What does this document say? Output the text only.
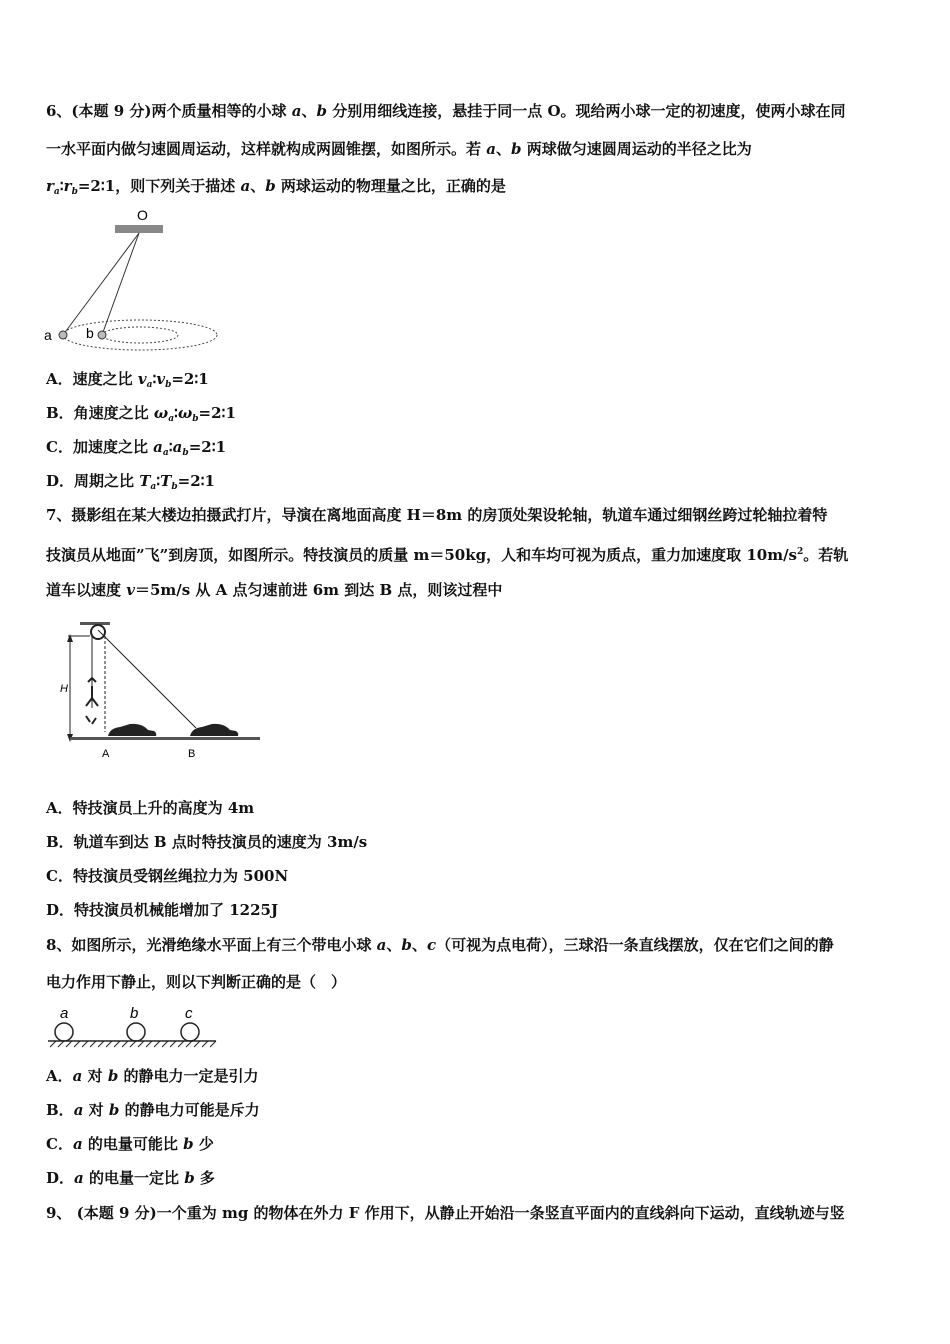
6、(本题 9 分)两个质量相等的小球 a、b 分别用细线连接，悬挂于同一点 O。现给两小球一定的初速度，使两小球在同
一水平面内做匀速圆周运动，这样就构成两圆锥摆，如图所示。若 a、b 两球做匀速圆周运动的半径之比为
$r_a∶r_b=2∶1$，则下列关于描述 a、b 两球运动的物理量之比，正确的是
O
a b
A．速度之比 $v_a∶v_b=2∶1$
B．角速度之比 $\omega_a∶\omega_b=2∶1$
C．加速度之比 $a_a∶a_b=2∶1$
D．周期之比 $T_a∶T_b=2∶1$
7、摄影组在某大楼边拍摄武打片，导演在离地面高度 H＝8m 的房顶处架设轮轴，轨道车通过细钢丝跨过轮轴拉着特
技演员从地面”飞”到房顶，如图所示。特技演员的质量 m＝50kg，人和车均可视为质点，重力加速度取 $10m/s^2$。若轨
道车以速度 v＝5m/s 从 A 点匀速前进 6m 到达 B 点，则该过程中
H
A	B
A．特技演员上升的高度为 4m
B．轨道车到达 B 点时特技演员的速度为 3m/s
C．特技演员受钢丝绳拉力为 500N
D．特技演员机械能增加了 1225J
8、如图所示，光滑绝缘水平面上有三个带电小球 a、b、c（可视为点电荷），三球沿一条直线摆放，仅在它们之间的静
电力作用下静止，则以下判断正确的是（　）
a	b	c
A．a 对 b 的静电力一定是引力
B．a 对 b 的静电力可能是斥力
C．a 的电量可能比 b 少
D．a 的电量一定比 b 多
9、 (本题 9 分)一个重为 mg 的物体在外力 F 作用下，从静止开始沿一条竖直平面内的直线斜向下运动，直线轨迹与竖
